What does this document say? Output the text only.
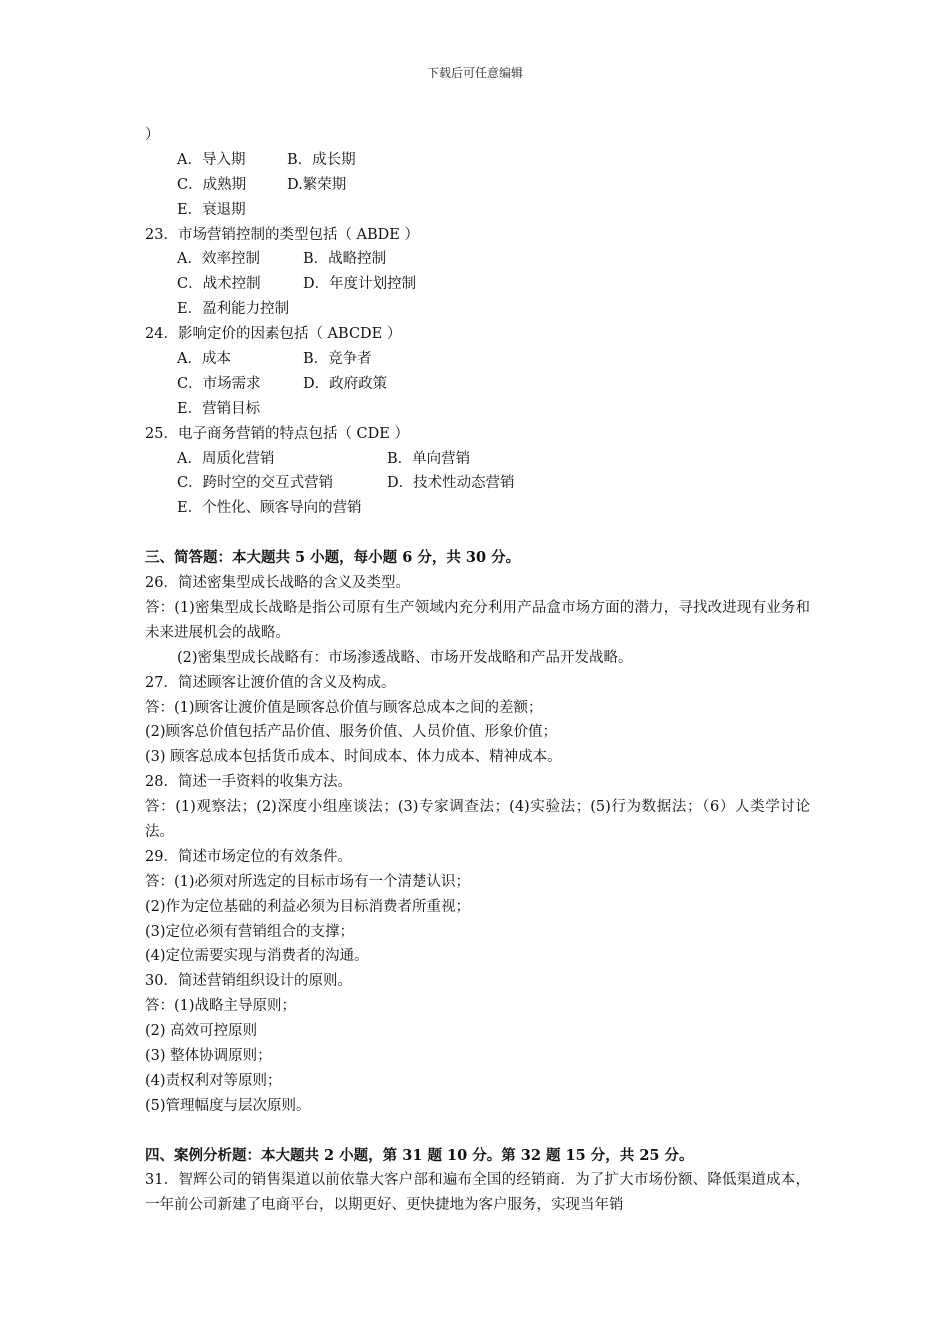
下载后可任意编辑
）
A．导入期	B．成长期
C．成熟期	D.繁荣期
E．衰退期
23．市场营销控制的类型包括（ ABDE ）
A．效率控制	B．战略控制
C．战术控制	D．年度计划控制
E．盈利能力控制
24．影响定价的因素包括（ ABCDE ）
A．成本	B．竞争者
C．市场需求	D．政府政策
E．营销目标
25．电子商务营销的特点包括（ CDE ）
A．周质化营销	B．单向营销
C．跨时空的交互式营销	D．技术性动态营销
E．个性化、顾客导向的营销
三、简答题：本大题共 5 小题，每小题 6 分，共 30 分。
26．简述密集型成长战略的含义及类型。
答：(1)密集型成长战略是指公司原有生产领域内充分利用产品盒市场方面的潜力，寻找改进现有业务和未来进展机会的战略。
(2)密集型成长战略有：市场渗透战略、市场开发战略和产品开发战略。
27．简述顾客让渡价值的含义及构成。
答：(1)顾客让渡价值是顾客总价值与顾客总成本之间的差额；
(2)顾客总价值包括产品价值、服务价值、人员价值、形象价值；
(3) 顾客总成本包括货币成本、时间成本、体力成本、精神成本。
28．简述一手资料的收集方法。
答：(1)观察法；(2)深度小组座谈法；(3)专家调查法；(4)实验法；(5)行为数据法；（6）人类学讨论法。
29．简述市场定位的有效条件。
答：(1)必须对所选定的目标市场有一个清楚认识；
(2)作为定位基础的利益必须为目标消费者所重视；
(3)定位必须有营销组合的支撑；
(4)定位需要实现与消费者的沟通。
30．简述营销组织设计的原则。
答：(1)战略主导原则；
(2) 高效可控原则
(3) 整体协调原则；
(4)责权利对等原则；
(5)管理幅度与层次原则。
四、案例分析题：本大题共 2 小题，第 31 题 10 分。第 32 题 15 分，共 25 分。
31．智辉公司的销售渠道以前依靠大客户部和遍布全国的经销商．为了扩大市场份额、降低渠道成本，一年前公司新建了电商平台，以期更好、更快捷地为客户服务，实现当年销
